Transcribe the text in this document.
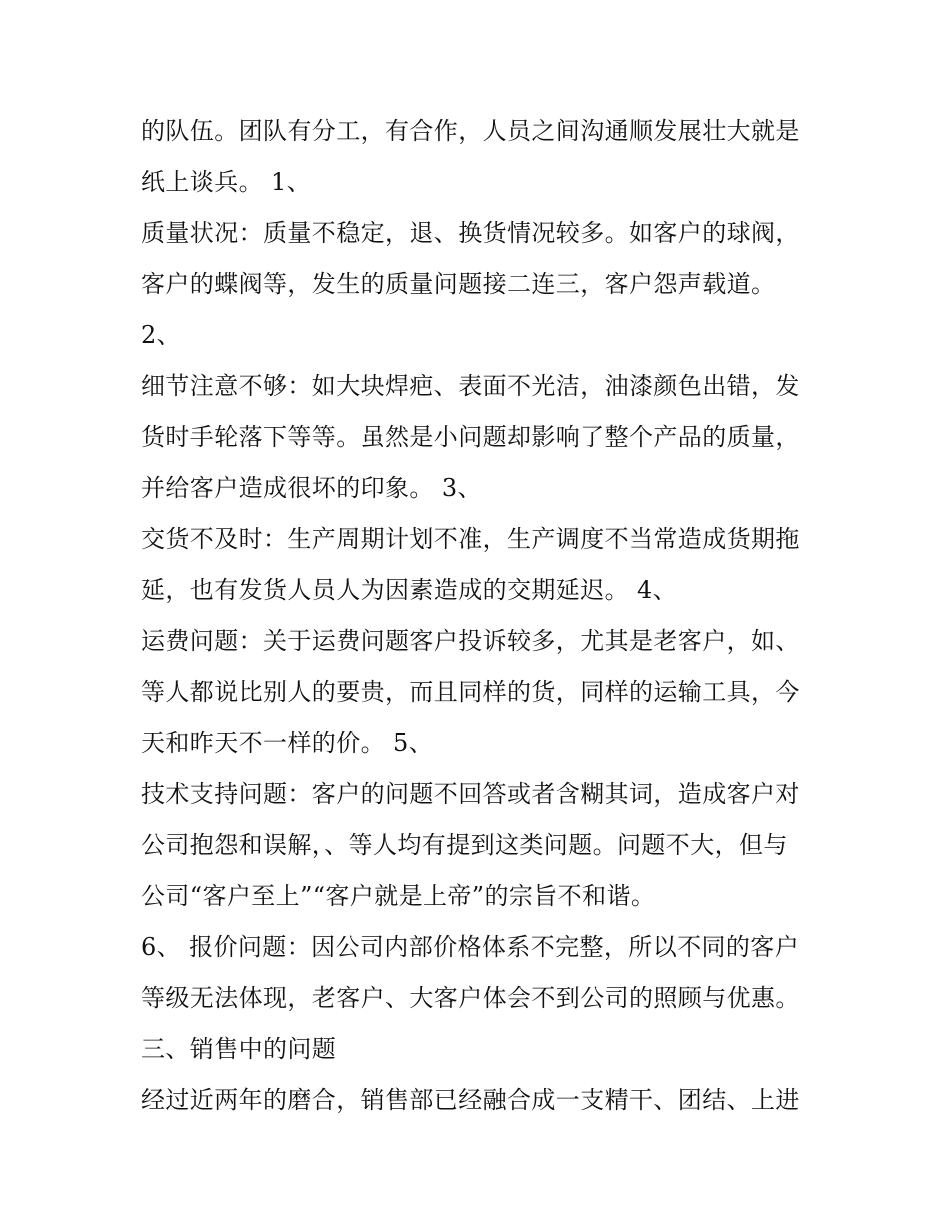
的队伍。团队有分工，有合作，人员之间沟通顺发展壮大就是
纸上谈兵。 1、
质量状况：质量不稳定，退、换货情况较多。如客户的球阀，
客户的蝶阀等，发生的质量问题接二连三，客户怨声载道。
2、
细节注意不够：如大块焊疤、表面不光洁，油漆颜色出错，发
货时手轮落下等等。虽然是小问题却影响了整个产品的质量，
并给客户造成很坏的印象。 3、
交货不及时：生产周期计划不准，生产调度不当常造成货期拖
延，也有发货人员人为因素造成的交期延迟。 4、
运费问题：关于运费问题客户投诉较多，尤其是老客户，如、
等人都说比别人的要贵，而且同样的货，同样的运输工具，今
天和昨天不一样的价。 5、
技术支持问题：客户的问题不回答或者含糊其词，造成客户对
公司抱怨和误解，、等人均有提到这类问题。问题不大，但与
公司“客户至上”“客户就是上帝”的宗旨不和谐。
6、 报价问题：因公司内部价格体系不完整，所以不同的客户
等级无法体现，老客户、大客户体会不到公司的照顾与优惠。
三、销售中的问题
经过近两年的磨合，销售部已经融合成一支精干、团结、上进
